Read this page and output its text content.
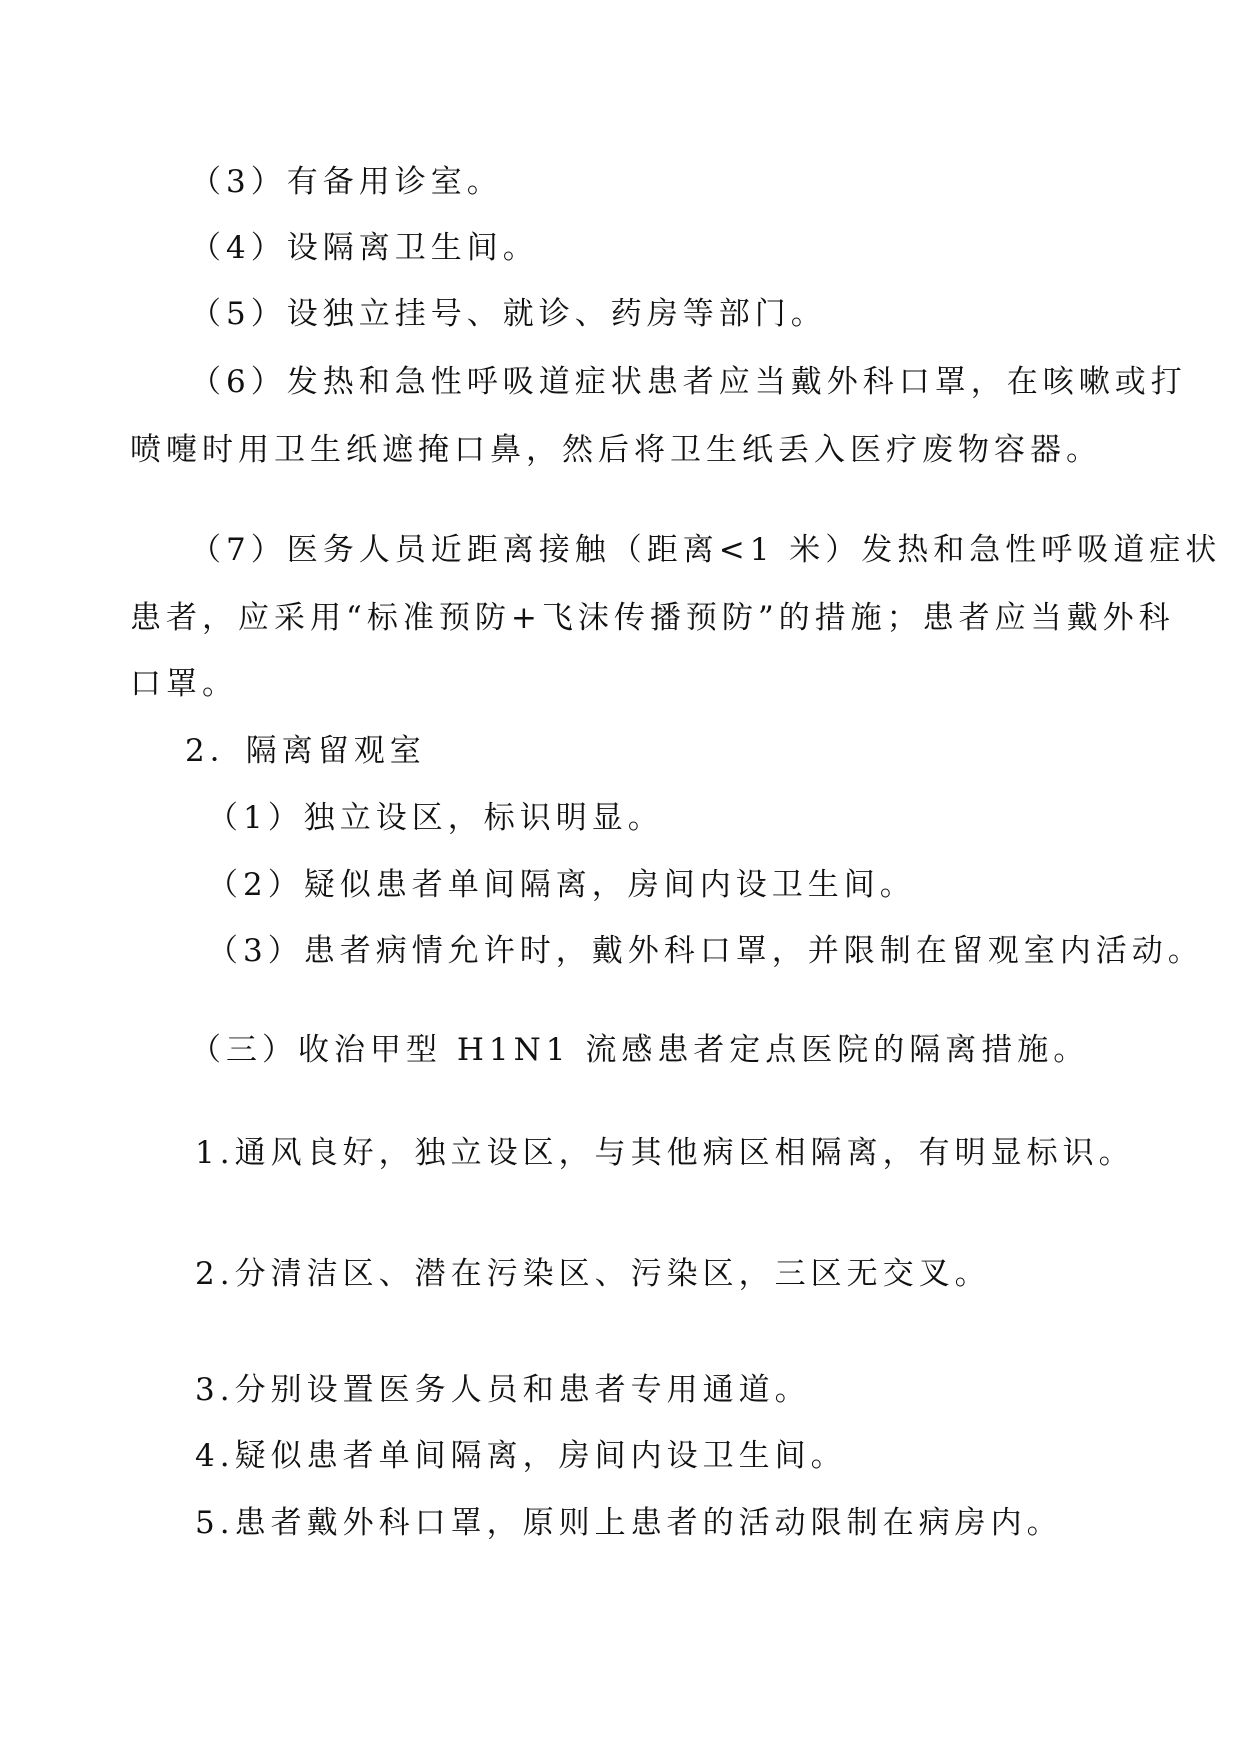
（3）有备用诊室。
（4）设隔离卫生间。
（5）设独立挂号、就诊、药房等部门。
（6）发热和急性呼吸道症状患者应当戴外科口罩，在咳嗽或打
喷嚏时用卫生纸遮掩口鼻，然后将卫生纸丢入医疗废物容器。
（7）医务人员近距离接触（距离<1 米）发热和急性呼吸道症状
患者，应采用“标准预防+飞沫传播预防”的措施；患者应当戴外科
口罩。
2．隔离留观室
（1）独立设区，标识明显。
（2）疑似患者单间隔离，房间内设卫生间。
（3）患者病情允许时，戴外科口罩，并限制在留观室内活动。
（三）收治甲型 H1N1 流感患者定点医院的隔离措施。
1.通风良好，独立设区，与其他病区相隔离，有明显标识。
2.分清洁区、潜在污染区、污染区，三区无交叉。
3.分别设置医务人员和患者专用通道。
4.疑似患者单间隔离，房间内设卫生间。
5.患者戴外科口罩，原则上患者的活动限制在病房内。
